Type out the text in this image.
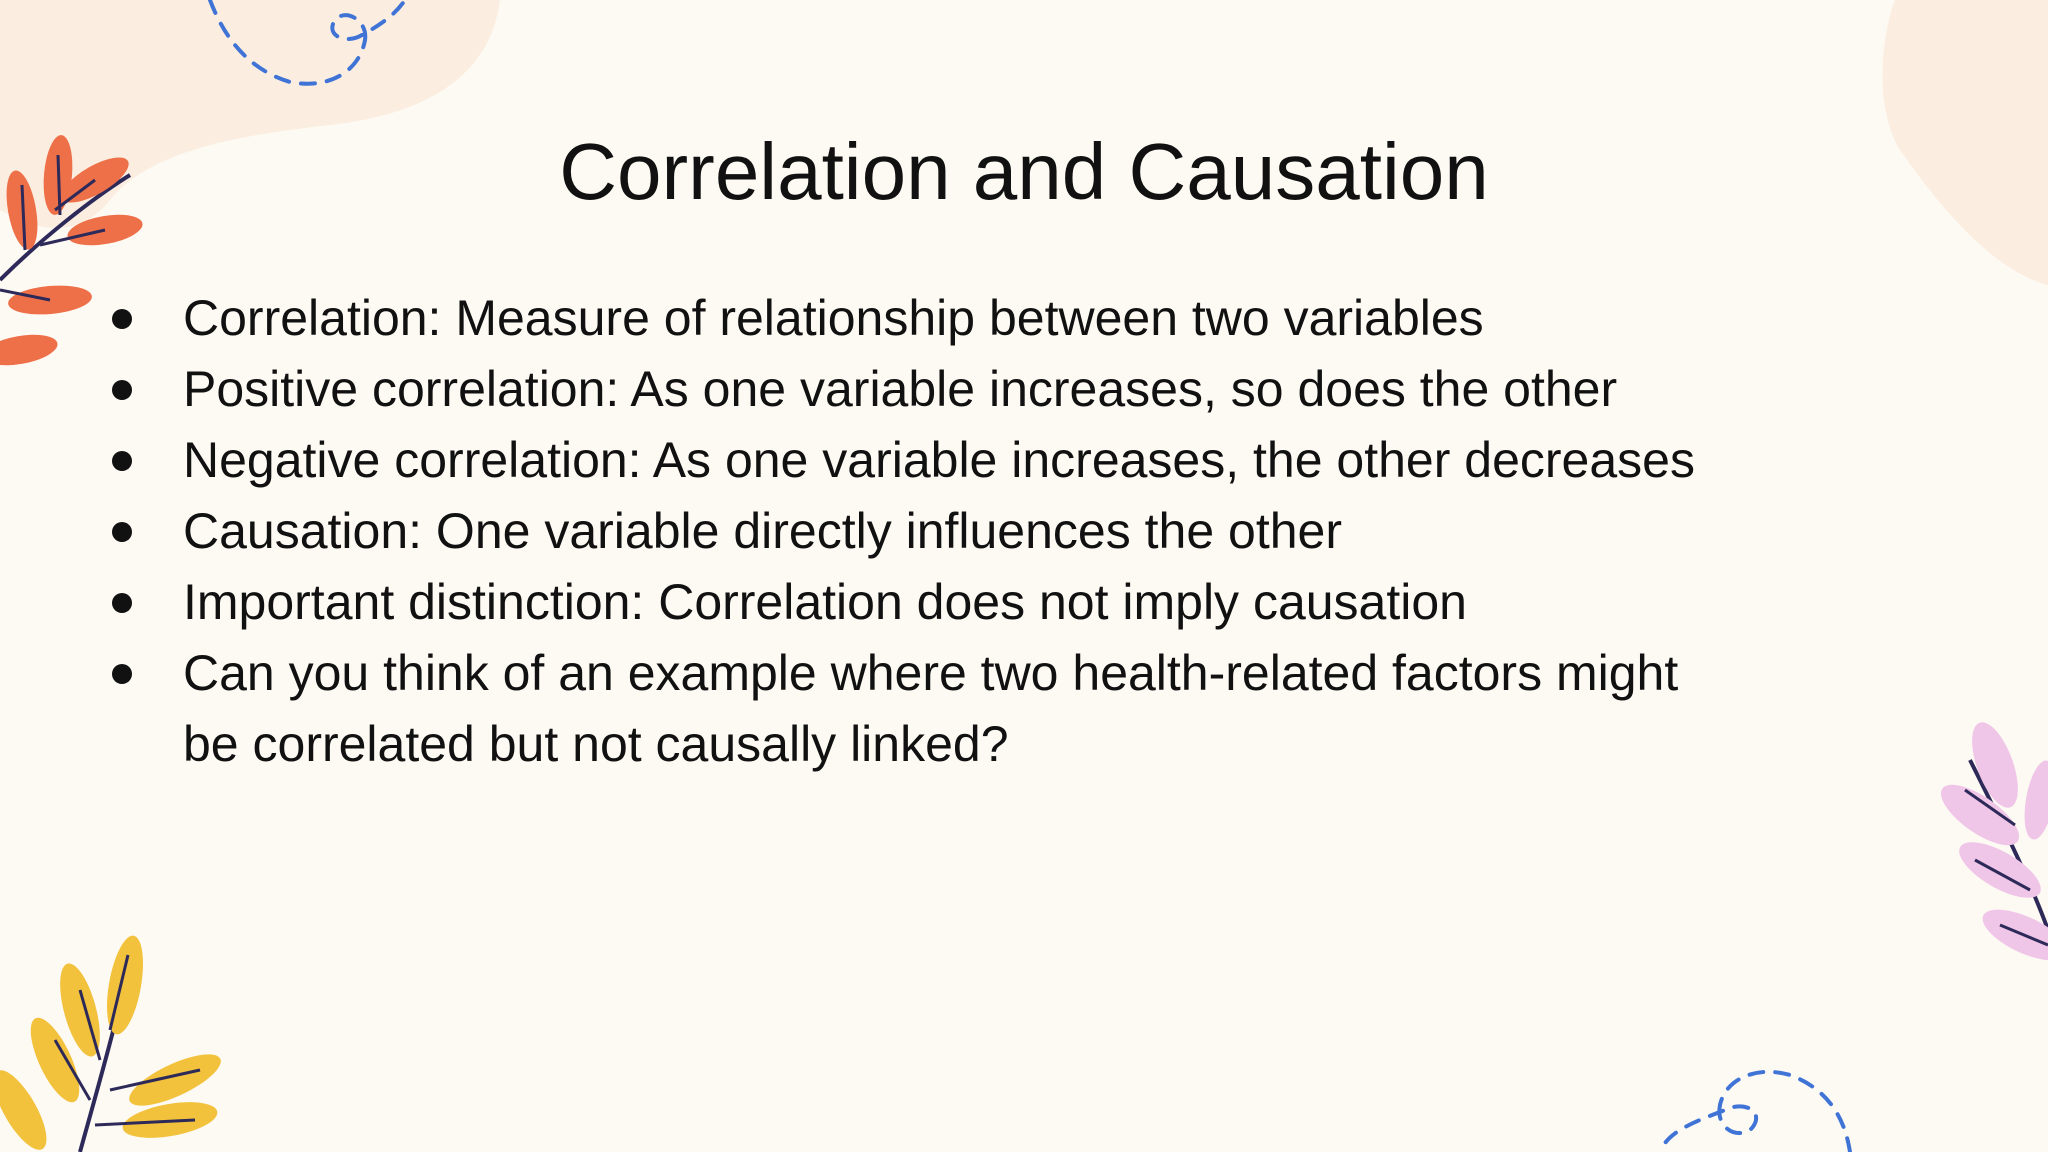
Correlation and Causation
Correlation: Measure of relationship between two variables
Positive correlation: As one variable increases, so does the other
Negative correlation: As one variable increases, the other decreases
Causation: One variable directly influences the other
Important distinction: Correlation does not imply causation
Can you think of an example where two health-related factors might be correlated but not causally linked?
